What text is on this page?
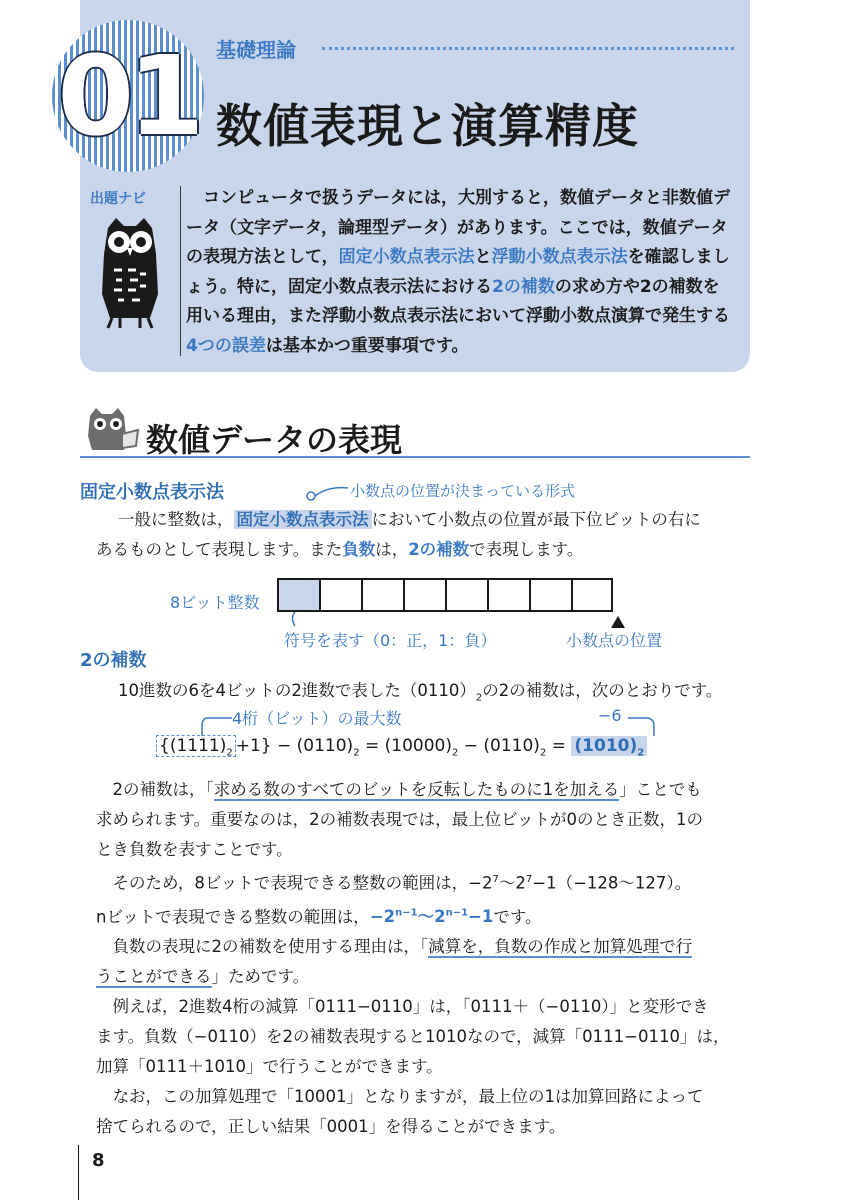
01 基礎理論
数値表現と演算精度
出題ナビ

　	コンピュータで扱うデータには，大別すると，数値データと非数値データ（文字データ，論理型データ）があります。ここでは，数値データの表現方法として，固定小数点表示法と浮動小数点表示法を確認しましょう。特に，固定小数点表示法における2の補数の求め方や2の補数を用いる理由，また浮動小数点表示法において浮動小数点演算で発生する4つの誤差は基本かつ重要事項です。

数値データの表現
固定小数点表示法	小数点の位置が決まっている形式
一般に整数は， 固定小数点表示法 において小数点の位置が最下位ビットの右に
あるものとして表現します。また負数は，2の補数で表現します。
8ビット整数
符号を表す（0：正，1：負）	小数点の位置
2の補数
10進数の6を4ビットの2進数で表した$(0110)_2$の2の補数は，次のとおりです。
4桁（ビット）の最大数	−6
$\{(1111)_2 +1\} - (0110)_2 = (10000)_2 - (0110)_2 = (1010)_2$
　2の補数は，「求める数のすべてのビットを反転したものに1を加える」ことでも
求められます。重要なのは，2の補数表現では，最上位ビットが0のとき正数，1の
とき負数を表すことです。
　そのため，8ビットで表現できる整数の範囲は，$-2^7$〜$2^7-1(-128$〜127）。
nビットで表現できる整数の範囲は，$-2^{n-1}$〜$2^{n-1}-1$です。
　負数の表現に2の補数を使用する理由は，「減算を，負数の作成と加算処理で行
うことができる」ためです。
　例えば，2進数4桁の減算「0111−0110」は，「0111＋（−0110）」と変形でき
ます。負数（−0110）を2の補数表現すると1010なので，減算「0111−0110」は，
加算「0111＋1010」で行うことができます。
　なお，この加算処理で「10001」となりますが，最上位の1は加算回路によって
捨てられるので，正しい結果「0001」を得ることができます。
8
